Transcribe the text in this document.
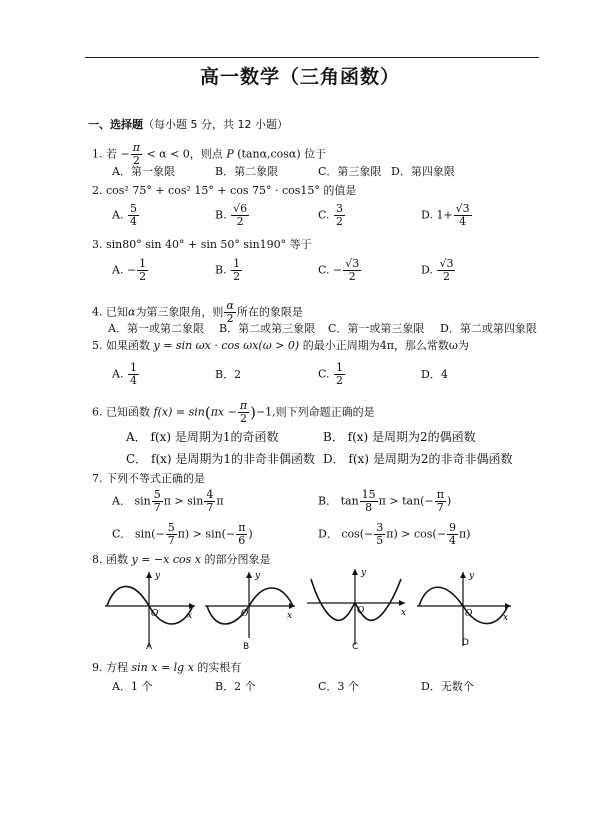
高一数学（三角函数）
一、选择题（每小题 5 分，共 12 小题）
1. 若 − $\frac{\pi}{2} < \alpha < 0$，则点 P (tanα,cosα) 位于
A．第一象限	B．第二象限	C．第三象限 D．第四象限
2. cos² 75° + cos² 15° + cos 75° · cos15° 的值是
A. $\frac{5}{4}$	B. $\frac{√6}{2}$	C. $\frac{3}{2}$	D. $1+ \frac{√3}{4}$
3. sin80° sin 40° + sin 50° sin190° 等于
A. − $\frac{1}{2}$	B. $\frac{1}{2}$	C. − $\frac{√3}{2}$	D. $\frac{√3}{2}$
4. 已知α为第三象限角，则 $\frac{\alpha}{2}$ 所在的象限是
A．第一或第二象限 B．第二或第三象限 C．第一或第三象限 D．第二或第四象限
5. 如果函数 y = sin ωx · cos ωx(ω > 0) 的最小正周期为4π，那么常数ω为
A. $\frac{1}{4}$	B．2	C. $\frac{1}{2}$	D．4
6. 已知函数 $f(x) = \sin(\pi x - \frac{\pi}{2} )-1$,则下列命题正确的是
A． f(x) 是周期为1的奇函数	B． f(x) 是周期为2的偶函数
C． f(x) 是周期为1的非奇非偶函数 D． f(x) 是周期为2的非奇非偶函数
7. 下列不等式正确的是
A． $\sin \frac{5}{7}$ $\pi > \sin \frac{4}{7}$ π	B． $\tan \frac{15}{8}$ $\pi > \tan(- \frac{\pi}{7}$ )
C． $\sin(- \frac{5}{7} \pi) > \sin(- \frac{\pi}{6}$ )	D． $\cos(- \frac{3}{5} \pi) > \cos(- \frac{9}{4} \pi)$
8. 函数 y = −x cos x 的部分图象是
y
O	x
A
y
O	x
B
y
O	x
C
y
O	x
D
9. 方程 sin x = lg x 的实根有
A．1 个	B．2 个	C．3 个	D．无数个
